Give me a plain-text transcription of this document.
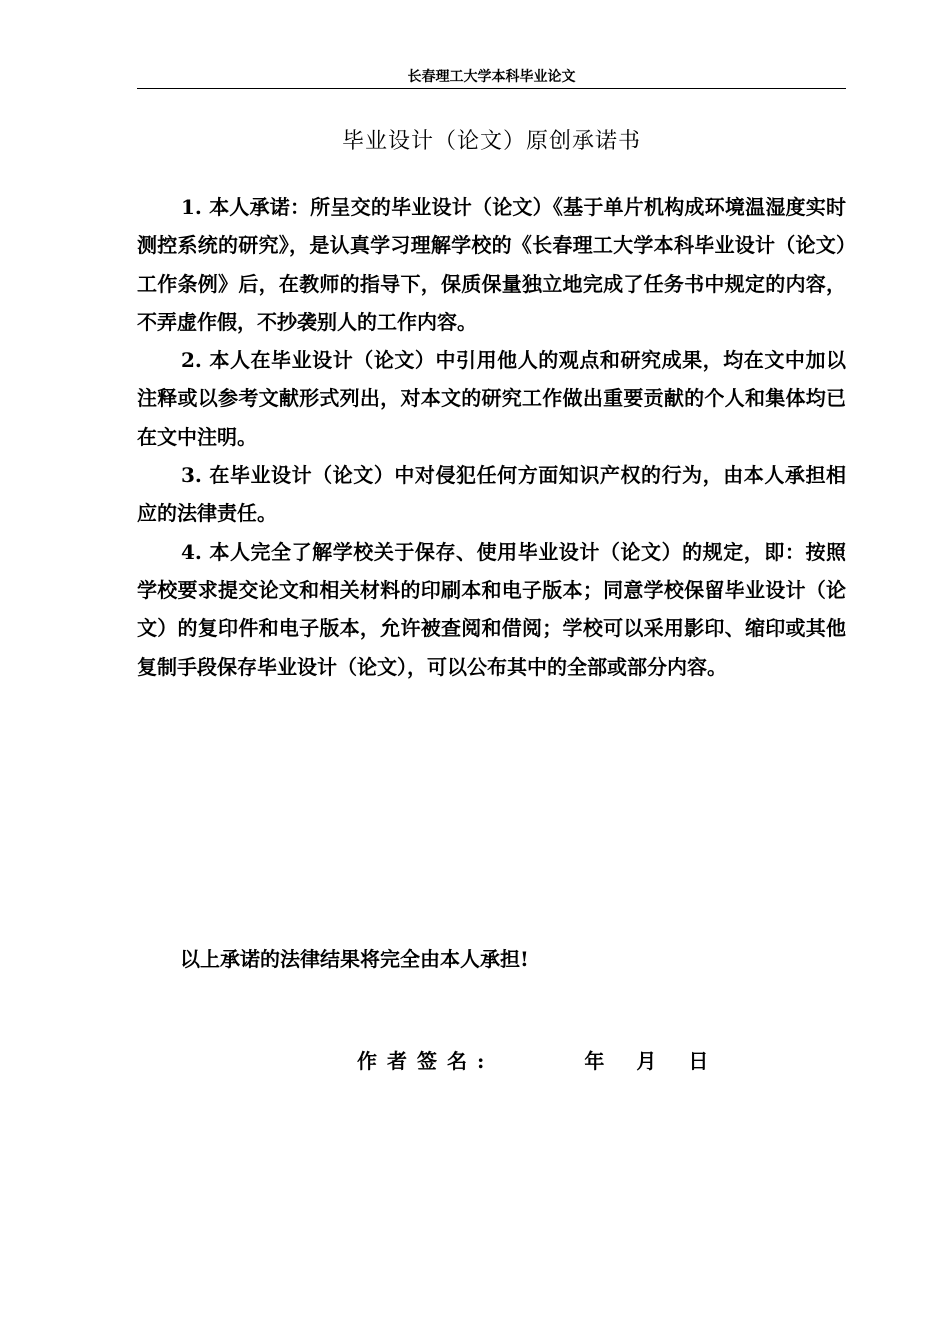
长春理工大学本科毕业论文
毕业设计（论文）原创承诺书

1. 本人承诺：所呈交的毕业设计（论文）《基于单片机构成环境温湿度实时测控系统的研究》，是认真学习理解学校的《长春理工大学本科毕业设计（论文）工作条例》后，在教师的指导下，保质保量独立地完成了任务书中规定的内容，不弄虚作假，不抄袭别人的工作内容。

2. 本人在毕业设计（论文）中引用他人的观点和研究成果，均在文中加以注释或以参考文献形式列出，对本文的研究工作做出重要贡献的个人和集体均已在文中注明。

3. 在毕业设计（论文）中对侵犯任何方面知识产权的行为，由本人承担相应的法律责任。

4. 本人完全了解学校关于保存、使用毕业设计（论文）的规定，即：按照学校要求提交论文和相关材料的印刷本和电子版本；同意学校保留毕业设计（论文）的复印件和电子版本，允许被查阅和借阅；学校可以采用影印、缩印或其他复制手段保存毕业设计（论文），可以公布其中的全部或部分内容。

以上承诺的法律结果将完全由本人承担!
作者签名:	年 月 日
